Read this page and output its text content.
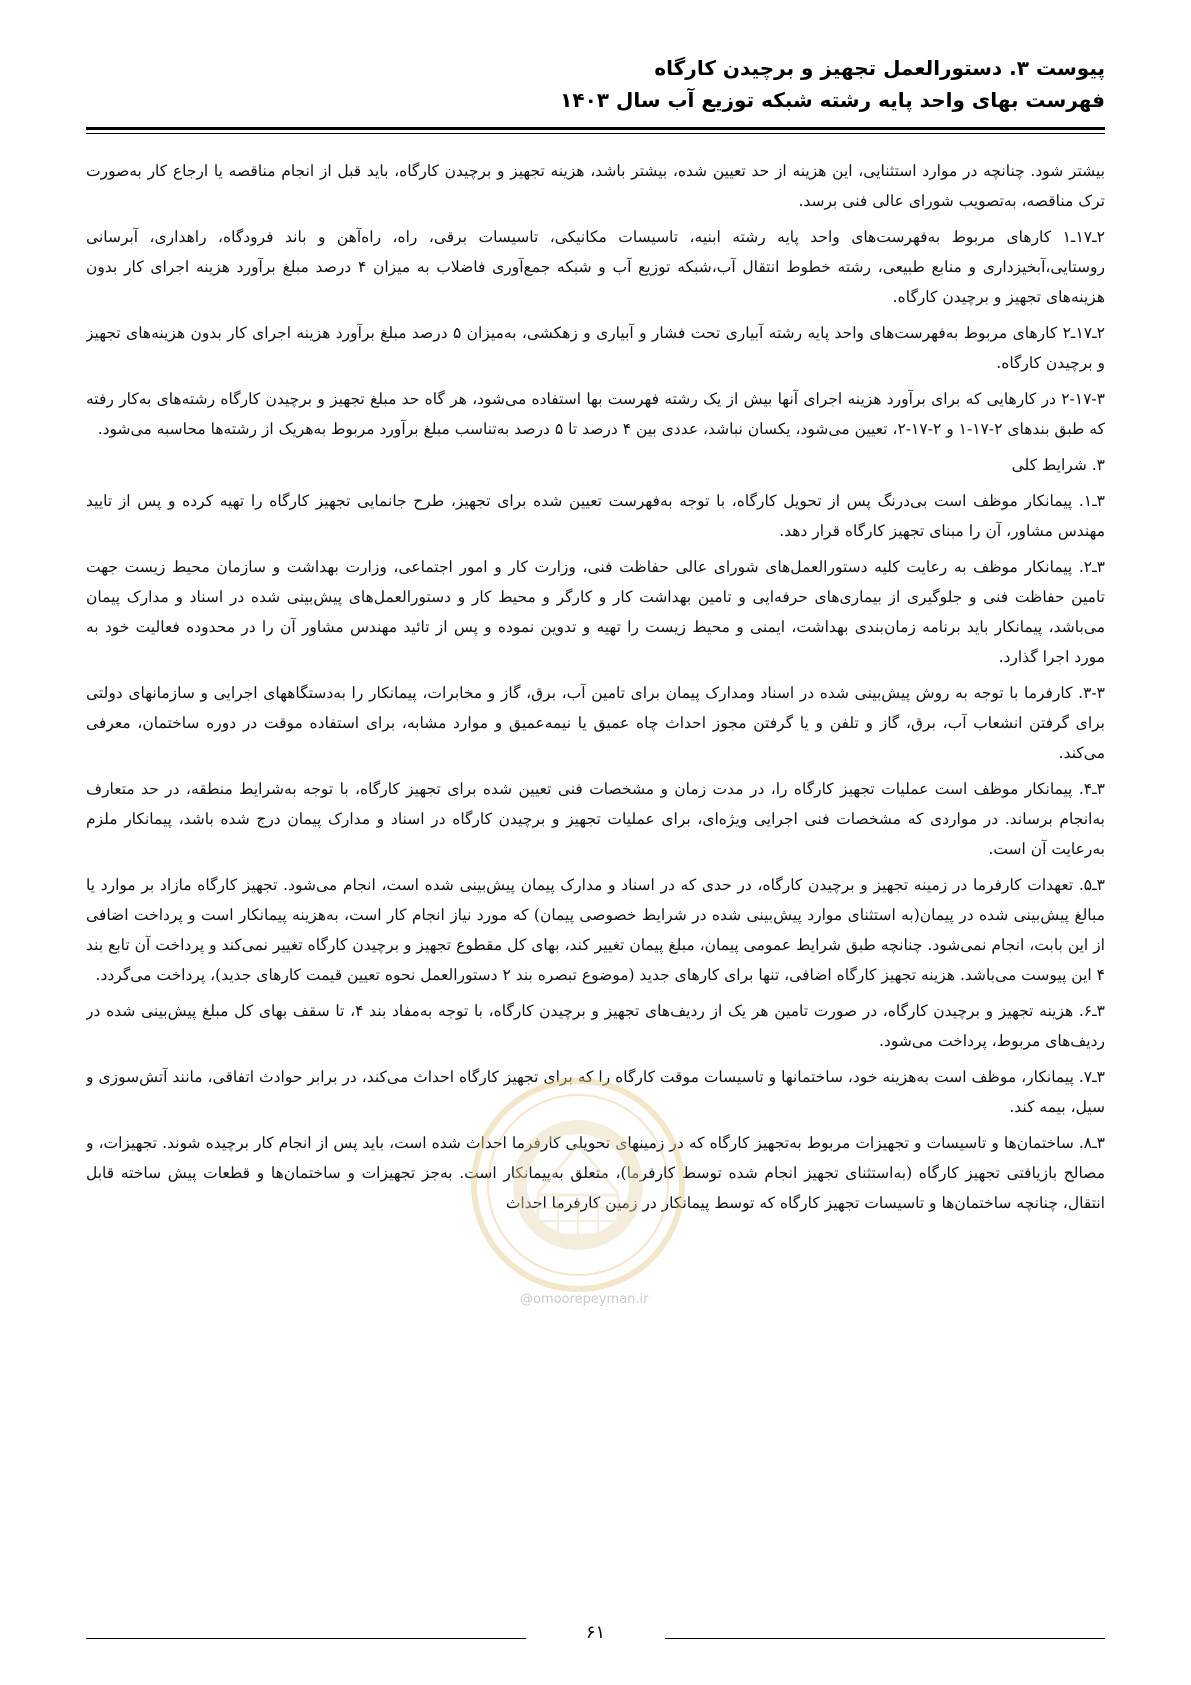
پیوست ۳. دستورالعمل تجهیز و برچیدن کارگاه
فهرست بهای واحد پایه رشته شبکه توزیع آب سال ۱۴۰۳

بیشتر شود. چنانچه در موارد استثنایی، این هزینه از حد تعیین شده، بیشتر باشد، هزینه تجهیز و برچیدن کارگاه، باید قبل از انجام مناقصه یا ارجاع کار به‌صورت ترک مناقصه، به‌تصویب شورای عالی فنی برسد.

۲ـ۱۷ـ۱ کارهای مربوط به‌فهرست‌های واحد پایه رشته ابنیه، تاسیسات مکانیکی، تاسیسات برقی، راه، راه‌آهن و باند فرودگاه، راهداری، آبرسانی روستایی،آبخیزداری و منابع طبیعی، رشته خطوط انتقال آب،شبکه توزیع آب و شبکه جمع‌آوری فاضلاب به میزان ۴ درصد مبلغ برآورد هزینه اجرای کار بدون هزینه‌های تجهیز و برچیدن کارگاه.

۲ـ۱۷ـ۲ کارهای مربوط به‌فهرست‌های واحد پایه رشته آبیاری تحت فشار و آبیاری و زهکشی، به‌میزان ۵ درصد مبلغ برآورد هزینه اجرای کار بدون هزینه‌های تجهیز و برچیدن کارگاه.

۲-۱۷-۳ در کارهایی که برای برآورد هزینه اجرای آنها بیش از یک رشته فهرست بها استفاده می‌شود، هر گاه حد مبلغ تجهیز و برچیدن کارگاه رشته‌های به‌کار رفته که طبق بندهای ۲-۱۷-۱ و ۲-۱۷-۲، تعیین می‌شود، یکسان نباشد، عددی بین ۴ درصد تا ۵ درصد به‌تناسب مبلغ برآورد مربوط به‌هریک از رشته‌ها محاسبه می‌شود.

۳. شرایط کلی

۳ـ۱. پیمانکار موظف است بی‌درنگ پس از تحویل کارگاه، با توجه به‌فهرست تعیین شده برای تجهیز، طرح جانمایی تجهیز کارگاه را تهیه کرده و پس از تایید مهندس مشاور، آن را مبنای تجهیز کارگاه قرار دهد.

۳ـ۲. پیمانکار موظف به رعایت کلیه دستورالعمل‌های شورای عالی حفاظت فنی، وزارت کار و امور اجتماعی، وزارت بهداشت و سازمان محیط زیست جهت تامین حفاظت فنی و جلوگیری از بیماری‌های حرفه‌ایی و تامین بهداشت کار و کارگر و محیط کار و دستورالعمل‌های پیش‌بینی شده در اسناد و مدارک پیمان می‌باشد، پیمانکار باید برنامه زمان‌بندی بهداشت، ایمنی و محیط زیست را تهیه و تدوین نموده و پس از تائید مهندس مشاور آن را در محدوده فعالیت خود به مورد اجرا گذارد.

۳-۳. کارفرما با توجه به روش پیش‌بینی شده در اسناد ومدارک پیمان برای تامین آب، برق، گاز و مخابرات، پیمانکار را به‌دستگاههای اجرایی و سازمانهای دولتی برای گرفتن انشعاب آب، برق، گاز و تلفن و یا گرفتن مجوز احداث چاه عمیق یا نیمه‌عمیق و موارد مشابه، برای استفاده موقت در دوره ساختمان، معرفی می‌کند.

۳ـ۴. پیمانکار موظف است عملیات تجهیز کارگاه را، در مدت زمان و مشخصات فنی تعیین شده برای تجهیز کارگاه، با توجه به‌شرایط منطقه، در حد متعارف به‌انجام برساند. در مواردی که مشخصات فنی اجرایی ویژه‌ای، برای عملیات تجهیز و برچیدن کارگاه در اسناد و مدارک پیمان درج شده باشد، پیمانکار ملزم به‌رعایت آن است.

۳ـ۵. تعهدات کارفرما در زمینه تجهیز و برچیدن کارگاه، در حدی که در اسناد و مدارک پیمان پیش‌بینی شده است، انجام می‌شود. تجهیز کارگاه مازاد بر موارد یا مبالغ پیش‌بینی شده در پیمان(به استثنای موارد پیش‌بینی شده در شرایط خصوصی پیمان) که مورد نیاز انجام کار است، به‌هزینه پیمانکار است و پرداخت اضافی از این بابت، انجام نمی‌شود. چنانچه طبق شرایط عمومی پیمان، مبلغ پیمان تغییر کند، بهای کل مقطوع تجهیز و برچیدن کارگاه تغییر نمی‌کند و پرداخت آن تابع بند ۴ این پیوست می‌باشد. هزینه تجهیز کارگاه اضافی، تنها برای کارهای جدید (موضوع تبصره بند ۲ دستورالعمل نحوه تعیین قیمت کارهای جدید)، پرداخت می‌گردد.

۳ـ۶. هزینه تجهیز و برچیدن کارگاه، در صورت تامین هر یک از ردیف‌های تجهیز و برچیدن کارگاه، با توجه به‌مفاد بند ۴، تا سقف بهای کل مبلغ پیش‌بینی شده در ردیف‌های مربوط، پرداخت می‌شود.

۳ـ۷. پیمانکار، موظف است به‌هزینه خود، ساختمانها و تاسیسات موقت کارگاه را که برای تجهیز کارگاه احداث می‌کند، در برابر حوادث اتفاقی، مانند آتش‌سوزی و سیل، بیمه کند.

۳ـ۸. ساختمان‌ها و تاسیسات و تجهیزات مربوط به‌تجهیز کارگاه که در زمینهای تحویلی کارفرما احداث شده است، باید پس از انجام کار برچیده شوند. تجهیزات، و مصالح بازیافتی تجهیز کارگاه (به‌استثنای تجهیز انجام شده توسط کارفرما)، متعلق به‌پیمانکار است. به‌جز تجهیزات و ساختمان‌ها و قطعات پیش ساخته قابل انتقال، چنانچه ساختمان‌ها و تاسیسات تجهیز کارگاه که توسط پیمانکار در زمین کارفرما احداث

@omoorepeyman.ir
۶۱
